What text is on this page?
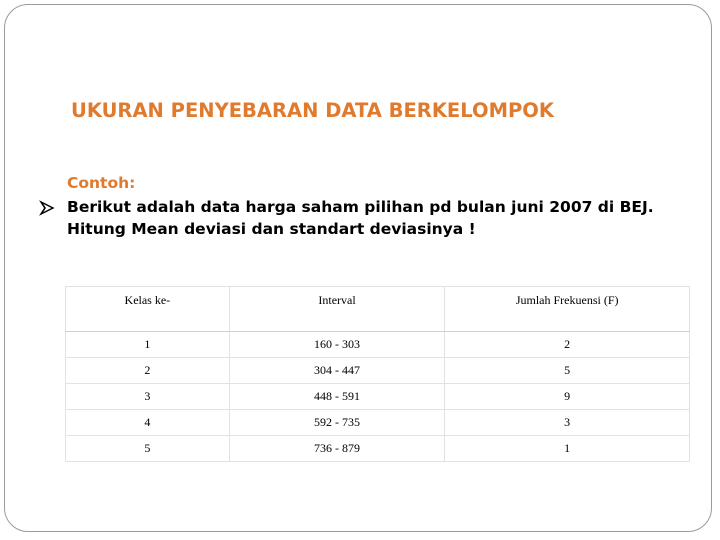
UKURAN PENYEBARAN DATA BERKELOMPOK
Contoh:
Berikut adalah data harga saham pilihan pd bulan juni 2007 di BEJ. Hitung Mean deviasi dan standart deviasinya !
Kelas ke-	Interval	Jumlah Frekuensi (F)
1	160 - 303	2
2	304 - 447	5
3	448 - 591	9
4	592 - 735	3
5	736 - 879	1
